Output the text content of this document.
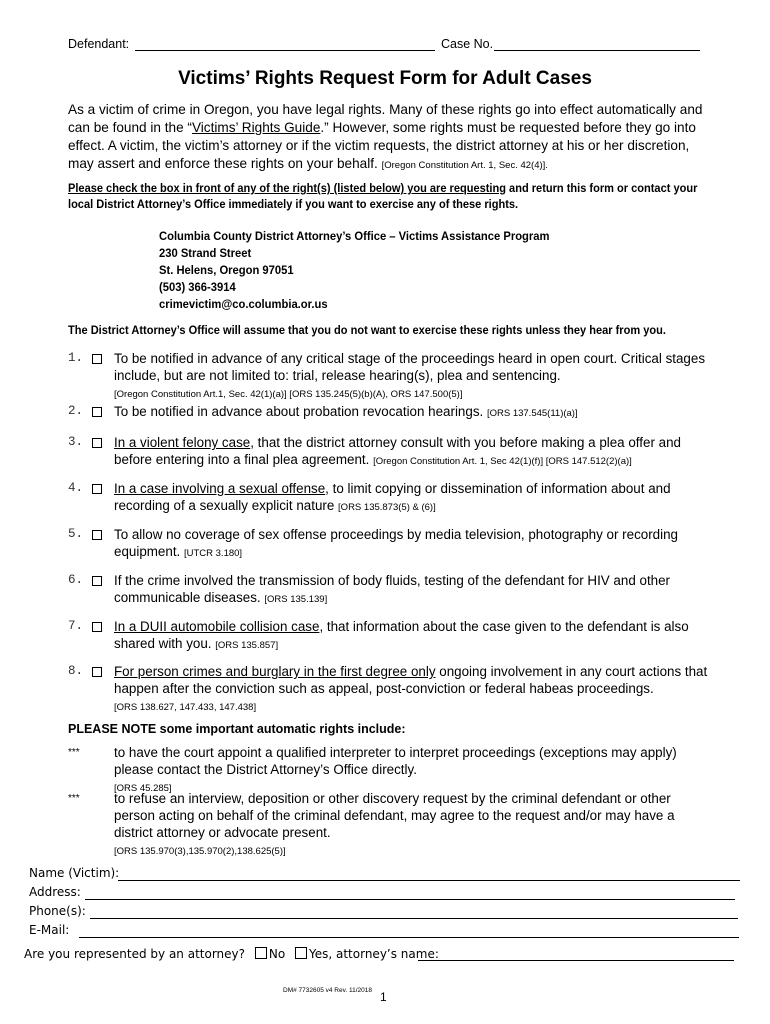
Defendant:	Case No.
Victims’ Rights Request Form for Adult Cases
As a victim of crime in Oregon, you have legal rights. Many of these rights go into effect automatically and can be found in the “Victims’ Rights Guide.” However, some rights must be requested before they go into effect. A victim, the victim’s attorney or if the victim requests, the district attorney at his or her discretion, may assert and enforce these rights on your behalf. [Oregon Constitution Art. 1, Sec. 42(4)].
Please check the box in front of any of the right(s) (listed below) you are requesting and return this form or contact your local District Attorney’s Office immediately if you want to exercise any of these rights.
Columbia County District Attorney’s Office – Victims Assistance Program
230 Strand Street
St. Helens, Oregon 97051
(503) 366-3914
crimevictim@co.columbia.or.us
The District Attorney’s Office will assume that you do not want to exercise these rights unless they hear from you.
1. To be notified in advance of any critical stage of the proceedings heard in open court. Critical stages include, but are not limited to: trial, release hearing(s), plea and sentencing.
[Oregon Constitution Art.1, Sec. 42(1)(a)] [ORS 135.245(5)(b)(A), ORS 147.500(5)]
2. To be notified in advance about probation revocation hearings. [ORS 137.545(11)(a)]
3. In a violent felony case, that the district attorney consult with you before making a plea offer and before entering into a final plea agreement. [Oregon Constitution Art. 1, Sec 42(1)(f)] [ORS 147.512(2)(a)]
4. In a case involving a sexual offense, to limit copying or dissemination of information about and recording of a sexually explicit nature [ORS 135.873(5) & (6)]
5. To allow no coverage of sex offense proceedings by media television, photography or recording equipment. [UTCR 3.180]
6. If the crime involved the transmission of body fluids, testing of the defendant for HIV and other communicable diseases. [ORS 135.139]
7. In a DUII automobile collision case, that information about the case given to the defendant is also shared with you. [ORS 135.857]
8. For person crimes and burglary in the first degree only ongoing involvement in any court actions that happen after the conviction such as appeal, post-conviction or federal habeas proceedings.
[ORS 138.627, 147.433, 147.438]
PLEASE NOTE some important automatic rights include:
***	to have the court appoint a qualified interpreter to interpret proceedings (exceptions may apply) please contact the District Attorney’s Office directly.
[ORS 45.285]
***	to refuse an interview, deposition or other discovery request by the criminal defendant or other person acting on behalf of the criminal defendant, may agree to the request and/or may have a district attorney or advocate present.
[ORS 135.970(3),135.970(2),138.625(5)]
Name (Victim):
Address:
Phone(s):
E-Mail:
Are you represented by an attorney? No Yes, attorney’s name:
DM# 7732605 v4 Rev. 11/2018 1
